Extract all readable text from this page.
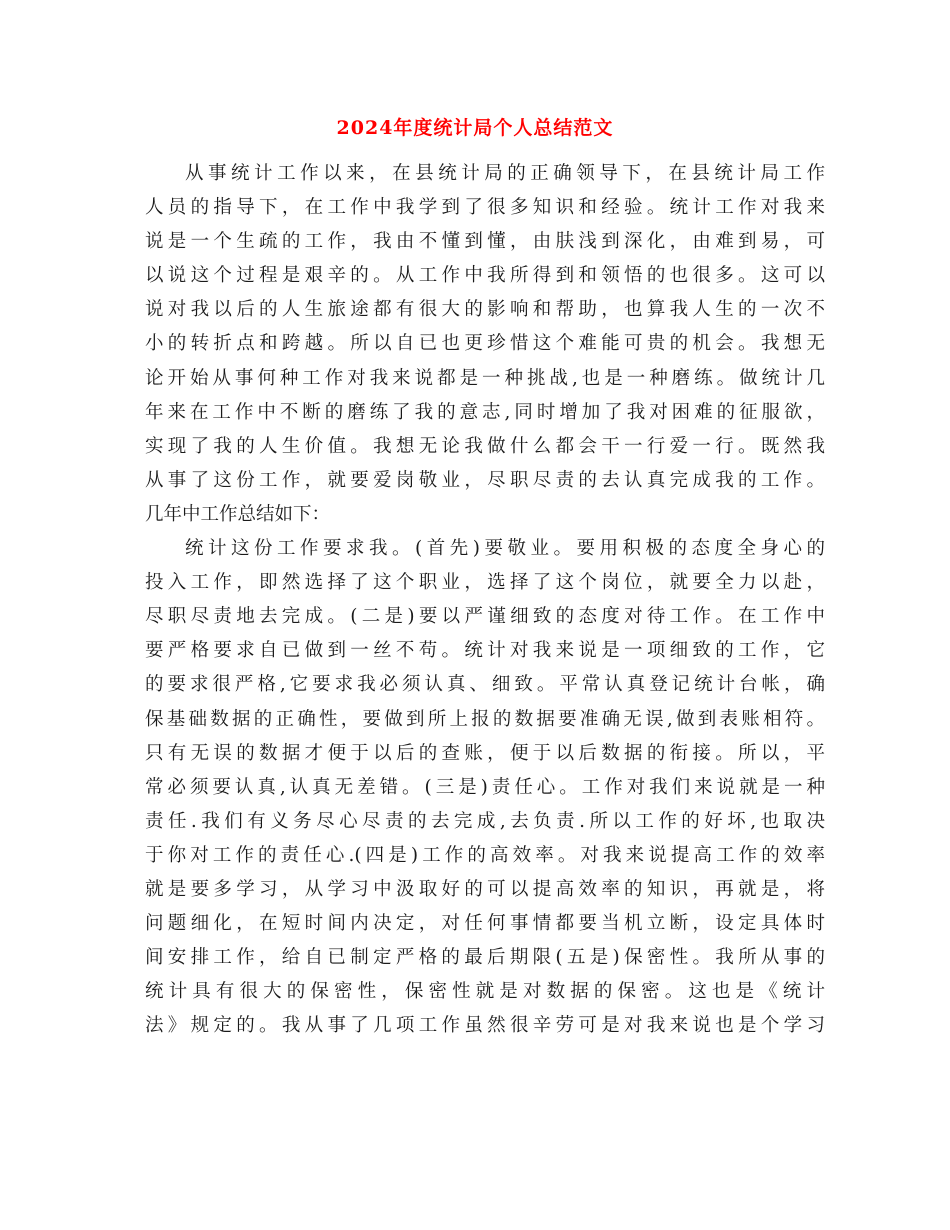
2024年度统计局个人总结范文
从事统计工作以来，在县统计局的正确领导下，在县统计局工作
人员的指导下，在工作中我学到了很多知识和经验。统计工作对我来
说是一个生疏的工作，我由不懂到懂，由肤浅到深化，由难到易，可
以说这个过程是艰辛的。从工作中我所得到和领悟的也很多。这可以
说对我以后的人生旅途都有很大的影响和帮助，也算我人生的一次不
小的转折点和跨越。所以自已也更珍惜这个难能可贵的机会。我想无
论开始从事何种工作对我来说都是一种挑战,也是一种磨练。做统计几
年来在工作中不断的磨练了我的意志,同时增加了我对困难的征服欲，
实现了我的人生价值。我想无论我做什么都会干一行爱一行。既然我
从事了这份工作，就要爱岗敬业，尽职尽责的去认真完成我的工作。
几年中工作总结如下：
统计这份工作要求我。(首先)要敬业。要用积极的态度全身心的
投入工作，即然选择了这个职业，选择了这个岗位，就要全力以赴，
尽职尽责地去完成。(二是)要以严谨细致的态度对待工作。在工作中
要严格要求自已做到一丝不苟。统计对我来说是一项细致的工作，它
的要求很严格,它要求我必须认真、细致。平常认真登记统计台帐，确
保基础数据的正确性，要做到所上报的数据要准确无误,做到表账相符。
只有无误的数据才便于以后的查账，便于以后数据的衔接。所以，平
常必须要认真,认真无差错。(三是)责任心。工作对我们来说就是一种
责任.我们有义务尽心尽责的去完成,去负责.所以工作的好坏,也取决
于你对工作的责任心.(四是)工作的高效率。对我来说提高工作的效率
就是要多学习，从学习中汲取好的可以提高效率的知识，再就是，将
问题细化，在短时间内决定，对任何事情都要当机立断，设定具体时
间安排工作，给自已制定严格的最后期限(五是)保密性。我所从事的
统计具有很大的保密性，保密性就是对数据的保密。这也是《统计
法》规定的。我从事了几项工作虽然很辛劳可是对我来说也是个学习
